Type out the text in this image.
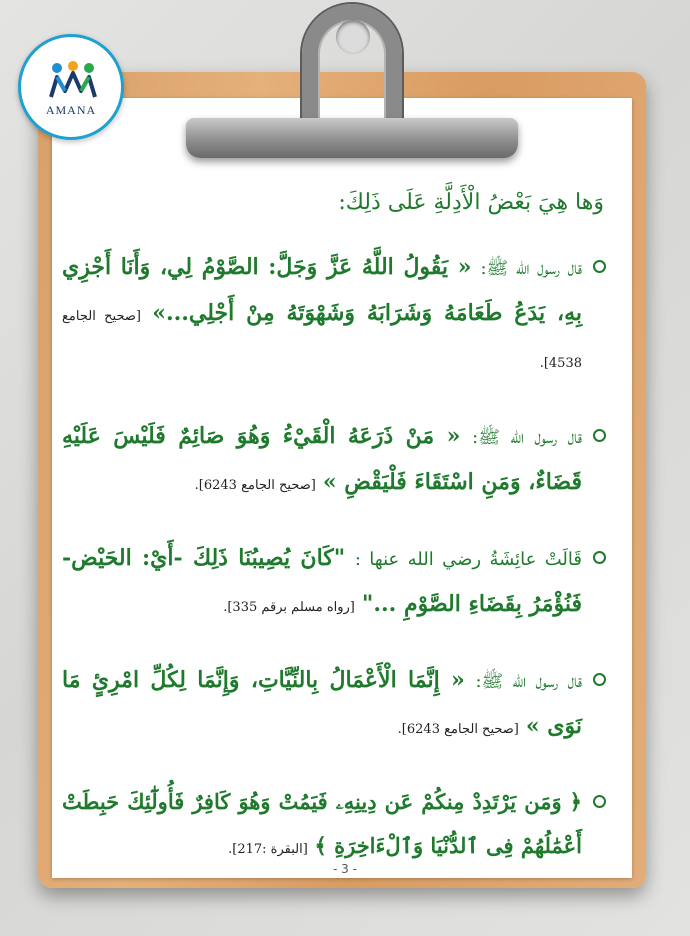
AMANA
وَها هِيَ بَعْضُ الْأَدِلَّةِ عَلَى ذَلِكَ:
قال رسول الله ﷺ: « يَقُولُ اللَّهُ عَزَّ وَجَلَّ: الصَّوْمُ لِي، وَأَنَا أَجْزِي بِهِ، يَدَعُ طَعَامَهُ وَشَرَابَهُ وَشَهْوَتَهُ مِنْ أَجْلِي...» [صحيح الجامع 4538].
قال رسول الله ﷺ: « مَنْ ذَرَعَهُ الْقَيْءُ وَهُوَ صَائِمٌ فَلَيْسَ عَلَيْهِ قَضَاءٌ، وَمَنِ اسْتَقَاءَ فَلْيَقْضِ » [صحيح الجامع 6243].
قَالَتْ عائِشَةُ رضي الله عنها : "كَانَ يُصِيبُنَا ذَلِكَ -أَيْ: الحَيْض- فَنُؤْمَرُ بِقَضَاءِ الصَّوْمِ ..." [رواه مسلم برقم 335].
قال رسول الله ﷺ: « إِنَّمَا الْأَعْمَالُ بِالنِّيَّاتِ، وَإِنَّمَا لِكُلِّ امْرِئٍ مَا نَوَى » [صحيح الجامع 6243].
﴿ وَمَن يَرْتَدِدْ مِنكُمْ عَن دِينِهِۦ فَيَمُتْ وَهُوَ كَافِرٌ فَأُولَٰٓئِكَ حَبِطَتْ أَعْمَٰلُهُمْ فِى ٱلدُّنْيَا وَٱلْءَاخِرَةِ ﴾ [البقرة :217].
- 3 -
